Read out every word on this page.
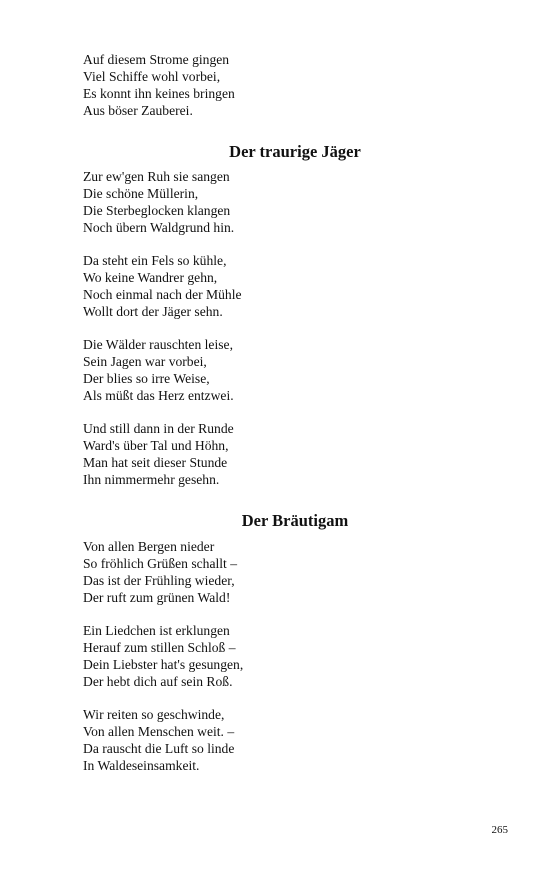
Auf diesem Strome gingen
Viel Schiffe wohl vorbei,
Es konnt ihn keines bringen
Aus böser Zauberei.
Der traurige Jäger
Zur ew'gen Ruh sie sangen
Die schöne Müllerin,
Die Sterbeglocken klangen
Noch übern Waldgrund hin.
Da steht ein Fels so kühle,
Wo keine Wandrer gehn,
Noch einmal nach der Mühle
Wollt dort der Jäger sehn.
Die Wälder rauschten leise,
Sein Jagen war vorbei,
Der blies so irre Weise,
Als müßt das Herz entzwei.
Und still dann in der Runde
Ward's über Tal und Höhn,
Man hat seit dieser Stunde
Ihn nimmermehr gesehn.
Der Bräutigam
Von allen Bergen nieder
So fröhlich Grüßen schallt –
Das ist der Frühling wieder,
Der ruft zum grünen Wald!
Ein Liedchen ist erklungen
Herauf zum stillen Schloß –
Dein Liebster hat's gesungen,
Der hebt dich auf sein Roß.
Wir reiten so geschwinde,
Von allen Menschen weit. –
Da rauscht die Luft so linde
In Waldeseinsamkeit.
265
